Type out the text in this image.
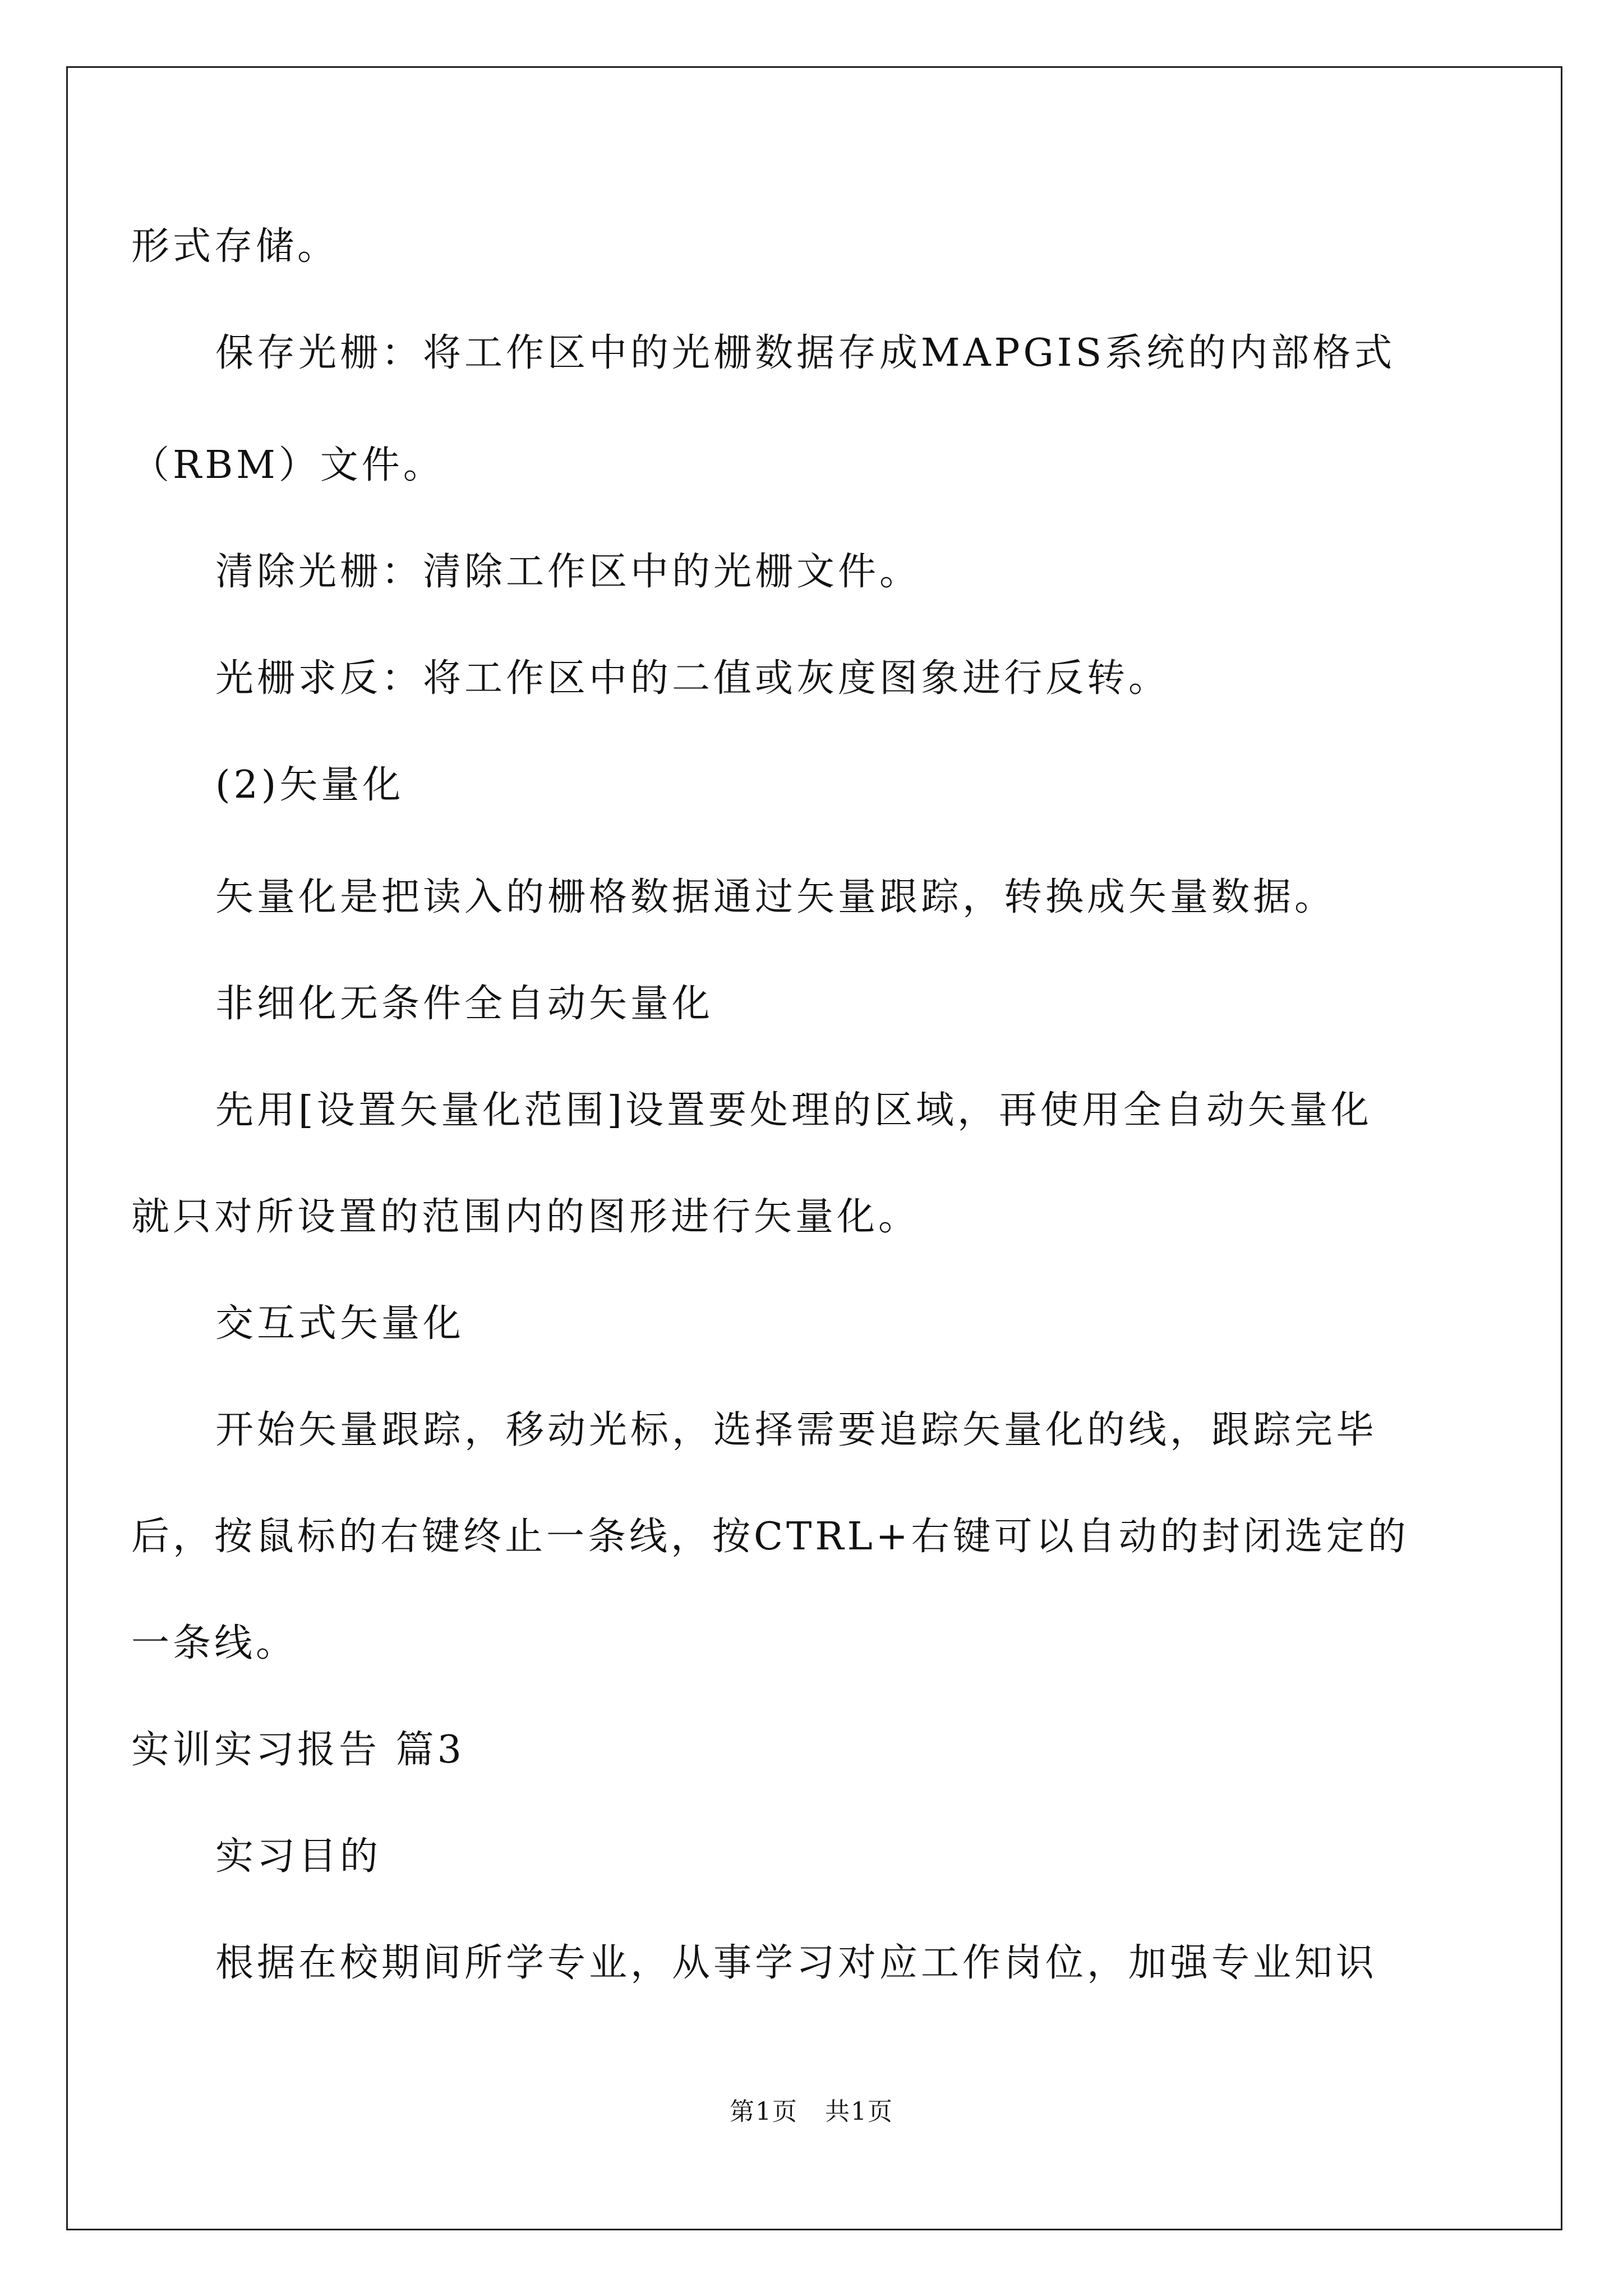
形式存储。
保存光栅：将工作区中的光栅数据存成MAPGIS系统的内部格式
（RBM）文件。
清除光栅：清除工作区中的光栅文件。
光栅求反：将工作区中的二值或灰度图象进行反转。
(2)矢量化
矢量化是把读入的栅格数据通过矢量跟踪，转换成矢量数据。
非细化无条件全自动矢量化
先用[设置矢量化范围]设置要处理的区域，再使用全自动矢量化
就只对所设置的范围内的图形进行矢量化。
交互式矢量化
开始矢量跟踪，移动光标，选择需要追踪矢量化的线，跟踪完毕
后，按鼠标的右键终止一条线，按CTRL+右键可以自动的封闭选定的
一条线。
实训实习报告 篇3
实习目的
根据在校期间所学专业，从事学习对应工作岗位，加强专业知识
第1页   共1页
